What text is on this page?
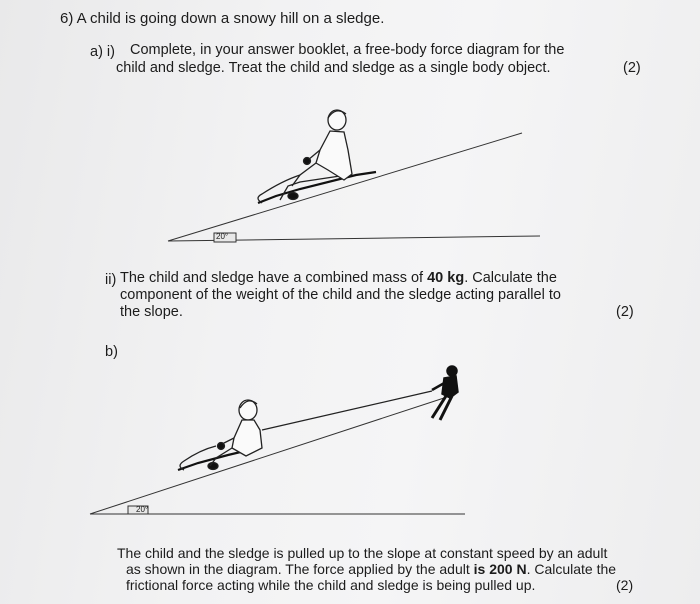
6) A child is going down a snowy hill on a sledge.
a) i) Complete, in your answer booklet, a free-body force diagram for the
child and sledge. Treat the child and sledge as a single body object.	(2)
20°
ii) The child and sledge have a combined mass of 40 kg. Calculate the
component of the weight of the child and the sledge acting parallel to
the slope.	(2)
b)
20°
The child and the sledge is pulled up to the slope at constant speed by an adult
as shown in the diagram. The force applied by the adult is 200 N. Calculate the
frictional force acting while the child and sledge is being pulled up.	(2)
